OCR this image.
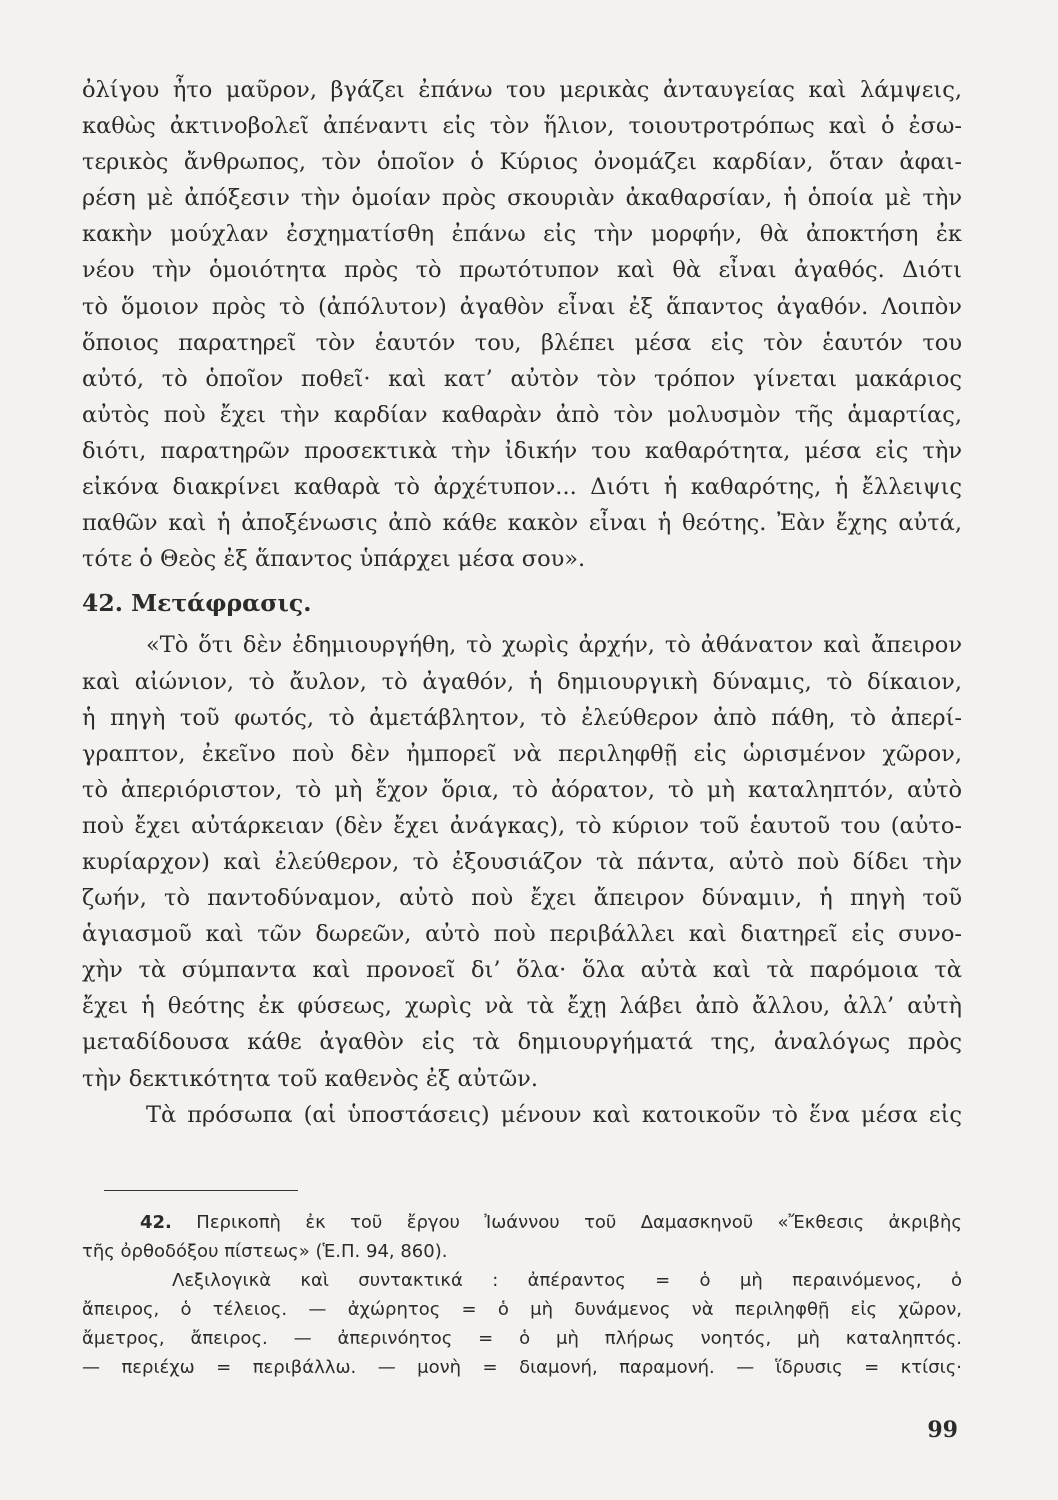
ὀλίγου ἦτο μαῦρον, βγάζει ἐπάνω του μερικὰς ἀνταυγείας καὶ λάμψεις,
καθὼς ἀκτινοβολεῖ ἀπέναντι εἰς τὸν ἥλιον, τοιουτροτρόπως καὶ ὁ ἐσω-
τερικὸς ἄνθρωπος, τὸν ὁποῖον ὁ Κύριος ὀνομάζει καρδίαν, ὅταν ἀφαι-
ρέση μὲ ἀπόξεσιν τὴν ὁμοίαν πρὸς σκουριὰν ἀκαθαρσίαν, ἡ ὁποία μὲ τὴν
κακὴν μούχλαν ἐσχηματίσθη ἐπάνω εἰς τὴν μορφήν, θὰ ἀποκτήση ἐκ
νέου τὴν ὁμοιότητα πρὸς τὸ πρωτότυπον καὶ θὰ εἶναι ἀγαθός. Διότι
τὸ ὅμοιον πρὸς τὸ (ἀπόλυτον) ἀγαθὸν εἶναι ἐξ ἅπαντος ἀγαθόν. Λοιπὸν
ὅποιος παρατηρεῖ τὸν ἑαυτόν του, βλέπει μέσα εἰς τὸν ἑαυτόν του
αὐτό, τὸ ὁποῖον ποθεῖ· καὶ κατ’ αὐτὸν τὸν τρόπον γίνεται μακάριος
αὐτὸς ποὺ ἔχει τὴν καρδίαν καθαρὰν ἀπὸ τὸν μολυσμὸν τῆς ἁμαρτίας,
διότι, παρατηρῶν προσεκτικὰ τὴν ἰδικήν του καθαρότητα, μέσα εἰς τὴν
εἰκόνα διακρίνει καθαρὰ τὸ ἀρχέτυπον... Διότι ἡ καθαρότης, ἡ ἔλλειψις
παθῶν καὶ ἡ ἀποξένωσις ἀπὸ κάθε κακὸν εἶναι ἡ θεότης. Ἐὰν ἔχης αὐτά,
τότε ὁ Θεὸς ἐξ ἅπαντος ὑπάρχει μέσα σου».
42. Μετάφρασις.
«Τὸ ὅτι δὲν ἐδημιουργήθη, τὸ χωρὶς ἀρχήν, τὸ ἀθάνατον καὶ ἄπειρον
καὶ αἰώνιον, τὸ ἄυλον, τὸ ἀγαθόν, ἡ δημιουργικὴ δύναμις, τὸ δίκαιον,
ἡ πηγὴ τοῦ φωτός, τὸ ἀμετάβλητον, τὸ ἐλεύθερον ἀπὸ πάθη, τὸ ἀπερί-
γραπτον, ἐκεῖνο ποὺ δὲν ἠμπορεῖ νὰ περιληφθῇ εἰς ὡρισμένον χῶρον,
τὸ ἀπεριόριστον, τὸ μὴ ἔχον ὅρια, τὸ ἀόρατον, τὸ μὴ καταληπτόν, αὐτὸ
ποὺ ἔχει αὐτάρκειαν (δὲν ἔχει ἀνάγκας), τὸ κύριον τοῦ ἑαυτοῦ του (αὐτο-
κυρίαρχον) καὶ ἐλεύθερον, τὸ ἐξουσιάζον τὰ πάντα, αὐτὸ ποὺ δίδει τὴν
ζωήν, τὸ παντοδύναμον, αὐτὸ ποὺ ἔχει ἄπειρον δύναμιν, ἡ πηγὴ τοῦ
ἁγιασμοῦ καὶ τῶν δωρεῶν, αὐτὸ ποὺ περιβάλλει καὶ διατηρεῖ εἰς συνο-
χὴν τὰ σύμπαντα καὶ προνοεῖ δι’ ὅλα· ὅλα αὐτὰ καὶ τὰ παρόμοια τὰ
ἔχει ἡ θεότης ἐκ φύσεως, χωρὶς νὰ τὰ ἔχῃ λάβει ἀπὸ ἄλλου, ἀλλ’ αὐτὴ
μεταδίδουσα κάθε ἀγαθὸν εἰς τὰ δημιουργήματά της, ἀναλόγως πρὸς
τὴν δεκτικότητα τοῦ καθενὸς ἐξ αὐτῶν.
Τὰ πρόσωπα (αἱ ὑποστάσεις) μένουν καὶ κατοικοῦν τὸ ἕνα μέσα εἰς
42. Περικοπὴ ἐκ τοῦ ἔργου Ἰωάννου τοῦ Δαμασκηνοῦ «Ἔκθεσις ἀκριβὴς
τῆς ὀρθοδόξου πίστεως» (Ἑ.Π. 94, 860).
Λεξιλογικὰ καὶ συντακτικά : ἀπέραντος = ὁ μὴ περαινόμενος, ὁ
ἄπειρος, ὁ τέλειος. — ἀχώρητος = ὁ μὴ δυνάμενος νὰ περιληφθῇ εἰς χῶρον,
ἄμετρος, ἄπειρος. — ἀπερινόητος = ὁ μὴ πλήρως νοητός, μὴ καταληπτός.
— περιέχω = περιβάλλω. — μονὴ = διαμονή, παραμονή. — ἵδρυσις = κτίσις·
99
